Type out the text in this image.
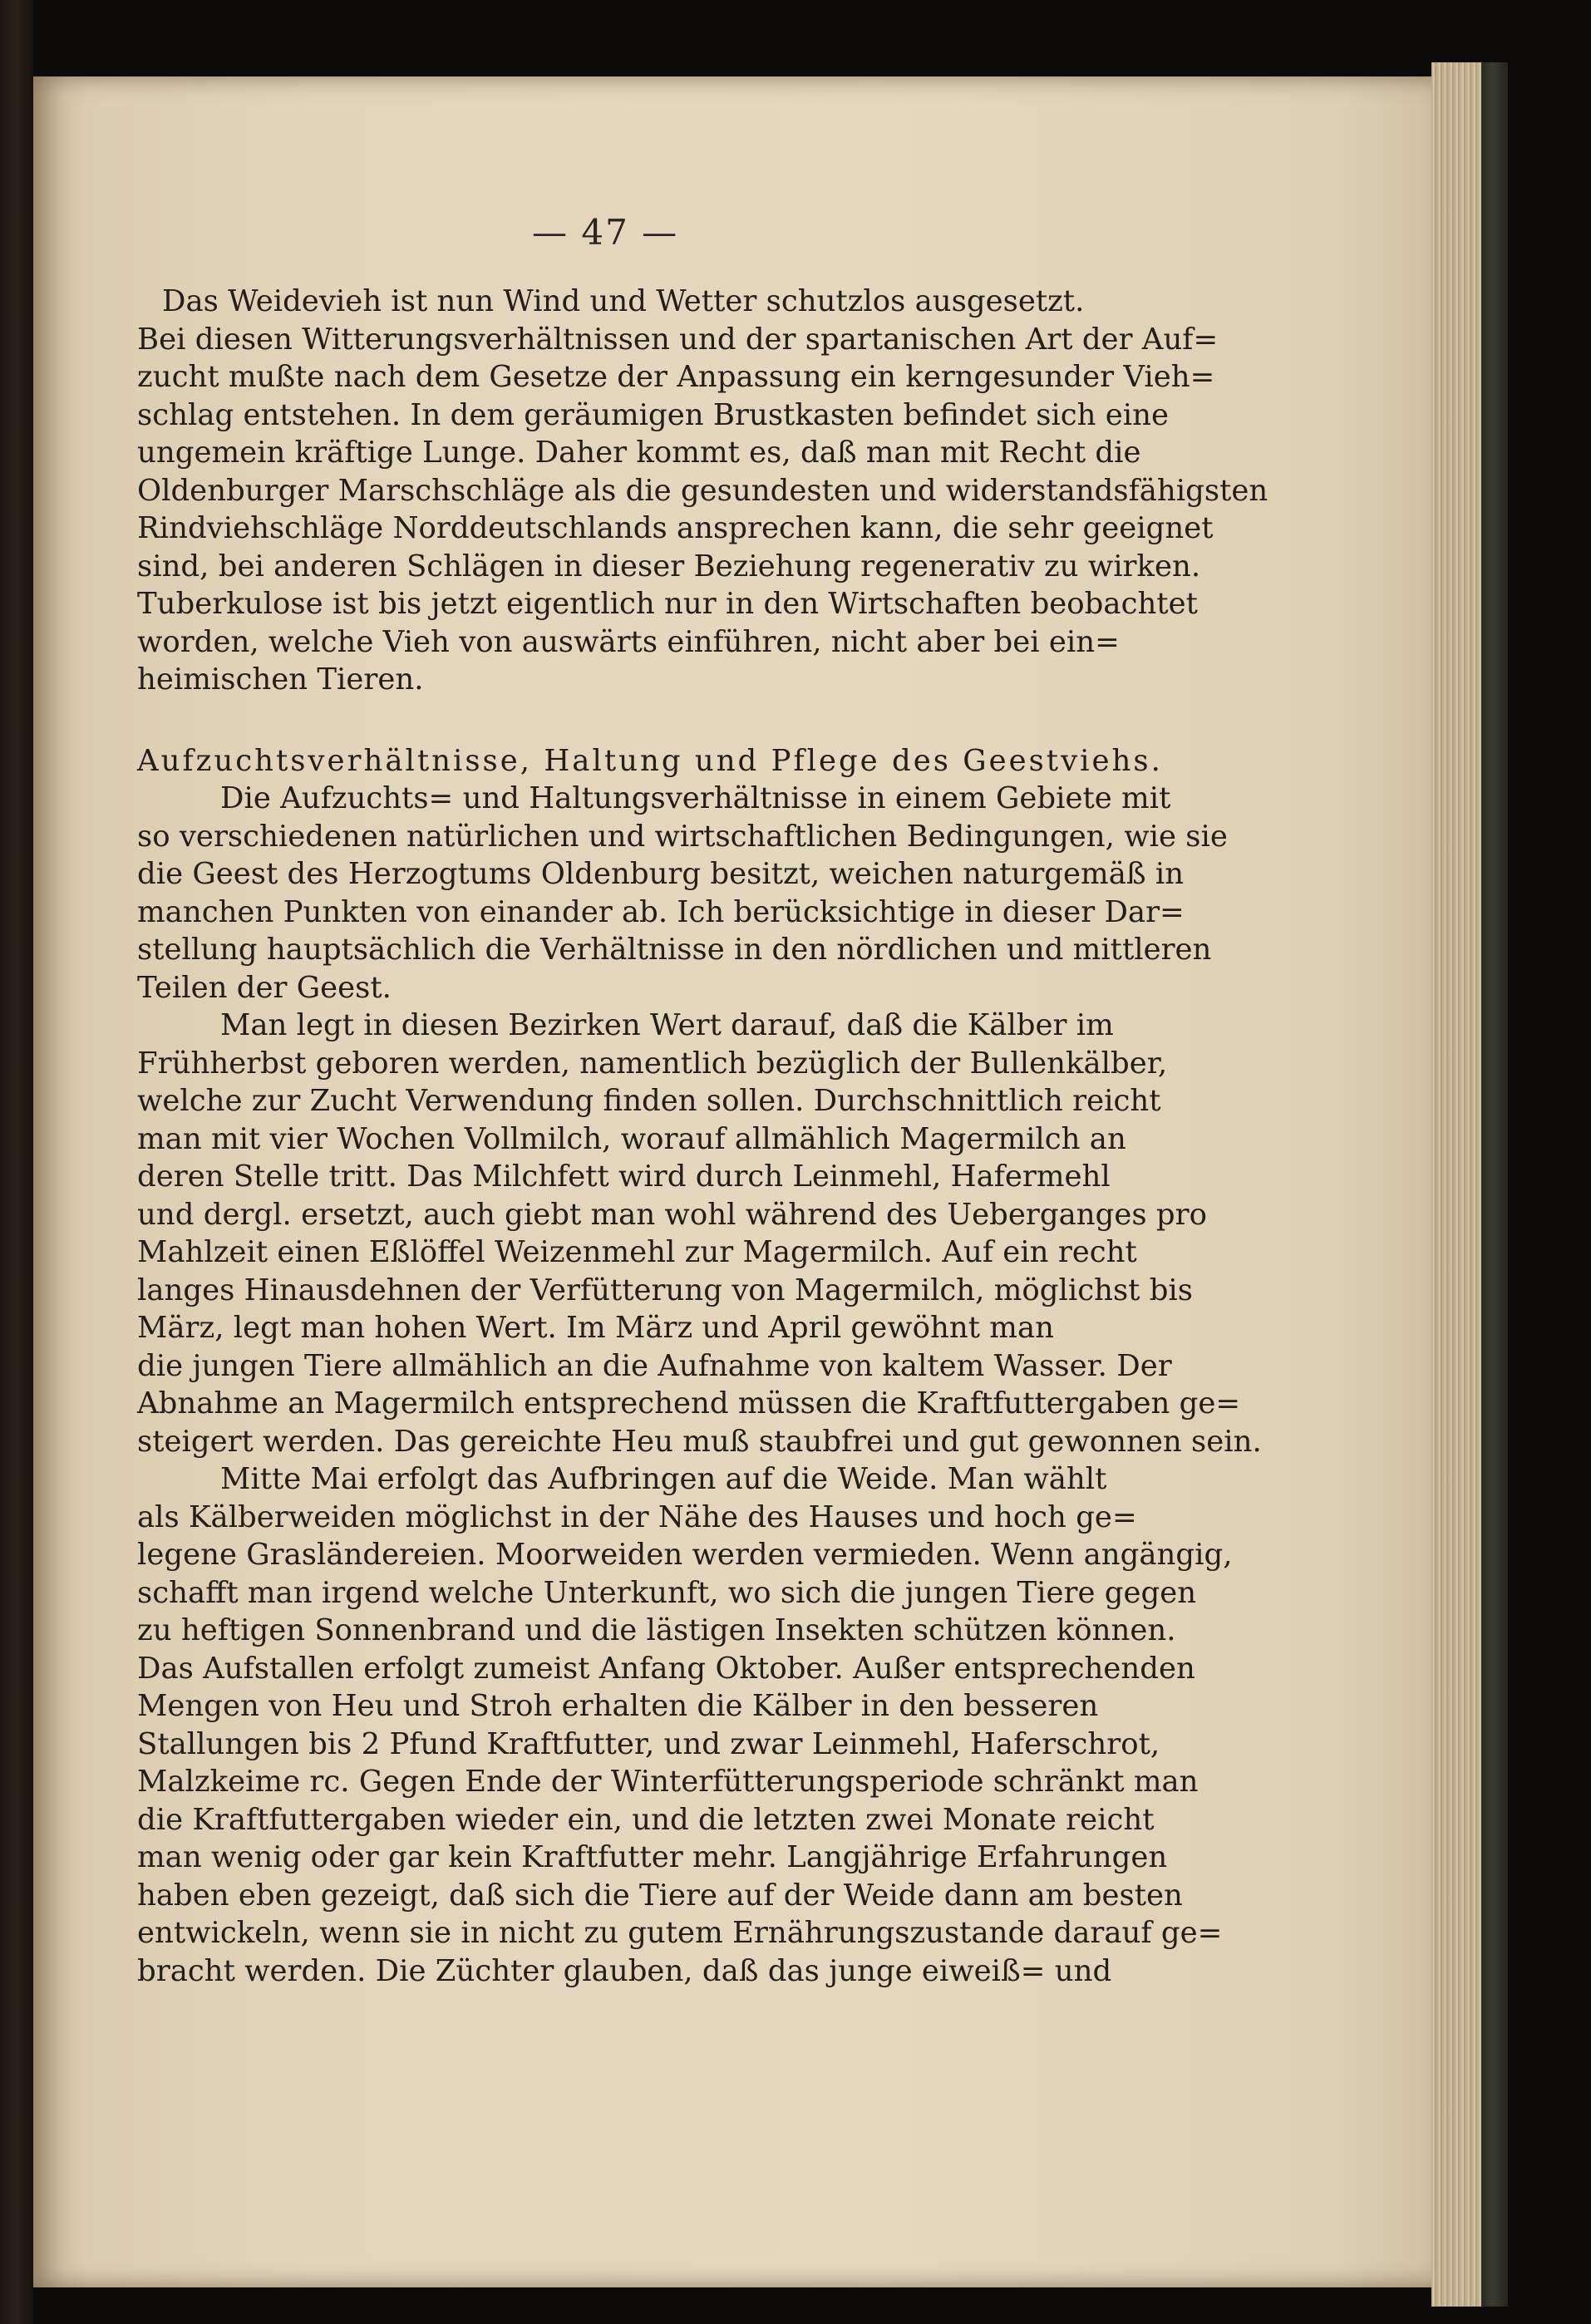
— 47 —
Das Weidevieh ist nun Wind und Wetter schutzlos ausgesetzt.
Bei diesen Witterungsverhältnissen und der spartanischen Art der Auf=
zucht mußte nach dem Gesetze der Anpassung ein kerngesunder Vieh=
schlag entstehen. In dem geräumigen Brustkasten befindet sich eine
ungemein kräftige Lunge. Daher kommt es, daß man mit Recht die
Oldenburger Marschschläge als die gesundesten und widerstandsfähigsten
Rindviehschläge Norddeutschlands ansprechen kann, die sehr geeignet
sind, bei anderen Schlägen in dieser Beziehung regenerativ zu wirken.
Tuberkulose ist bis jetzt eigentlich nur in den Wirtschaften beobachtet
worden, welche Vieh von auswärts einführen, nicht aber bei ein=
heimischen Tieren.
Aufzuchtsverhältnisse, Haltung und Pflege des Geestviehs.
Die Aufzuchts= und Haltungsverhältnisse in einem Gebiete mit
so verschiedenen natürlichen und wirtschaftlichen Bedingungen, wie sie
die Geest des Herzogtums Oldenburg besitzt, weichen naturgemäß in
manchen Punkten von einander ab. Ich berücksichtige in dieser Dar=
stellung hauptsächlich die Verhältnisse in den nördlichen und mittleren
Teilen der Geest.
Man legt in diesen Bezirken Wert darauf, daß die Kälber im
Frühherbst geboren werden, namentlich bezüglich der Bullenkälber,
welche zur Zucht Verwendung finden sollen. Durchschnittlich reicht
man mit vier Wochen Vollmilch, worauf allmählich Magermilch an
deren Stelle tritt. Das Milchfett wird durch Leinmehl, Hafermehl
und dergl. ersetzt, auch giebt man wohl während des Ueberganges pro
Mahlzeit einen Eßlöffel Weizenmehl zur Magermilch. Auf ein recht
langes Hinausdehnen der Verfütterung von Magermilch, möglichst bis
März, legt man hohen Wert. Im März und April gewöhnt man
die jungen Tiere allmählich an die Aufnahme von kaltem Wasser. Der
Abnahme an Magermilch entsprechend müssen die Kraftfuttergaben ge=
steigert werden. Das gereichte Heu muß staubfrei und gut gewonnen sein.
Mitte Mai erfolgt das Aufbringen auf die Weide. Man wählt
als Kälberweiden möglichst in der Nähe des Hauses und hoch ge=
legene Grasländereien. Moorweiden werden vermieden. Wenn angängig,
schafft man irgend welche Unterkunft, wo sich die jungen Tiere gegen
zu heftigen Sonnenbrand und die lästigen Insekten schützen können.
Das Aufstallen erfolgt zumeist Anfang Oktober. Außer entsprechenden
Mengen von Heu und Stroh erhalten die Kälber in den besseren
Stallungen bis 2 Pfund Kraftfutter, und zwar Leinmehl, Haferschrot,
Malzkeime rc. Gegen Ende der Winterfütterungsperiode schränkt man
die Kraftfuttergaben wieder ein, und die letzten zwei Monate reicht
man wenig oder gar kein Kraftfutter mehr. Langjährige Erfahrungen
haben eben gezeigt, daß sich die Tiere auf der Weide dann am besten
entwickeln, wenn sie in nicht zu gutem Ernährungszustande darauf ge=
bracht werden. Die Züchter glauben, daß das junge eiweiß= und
